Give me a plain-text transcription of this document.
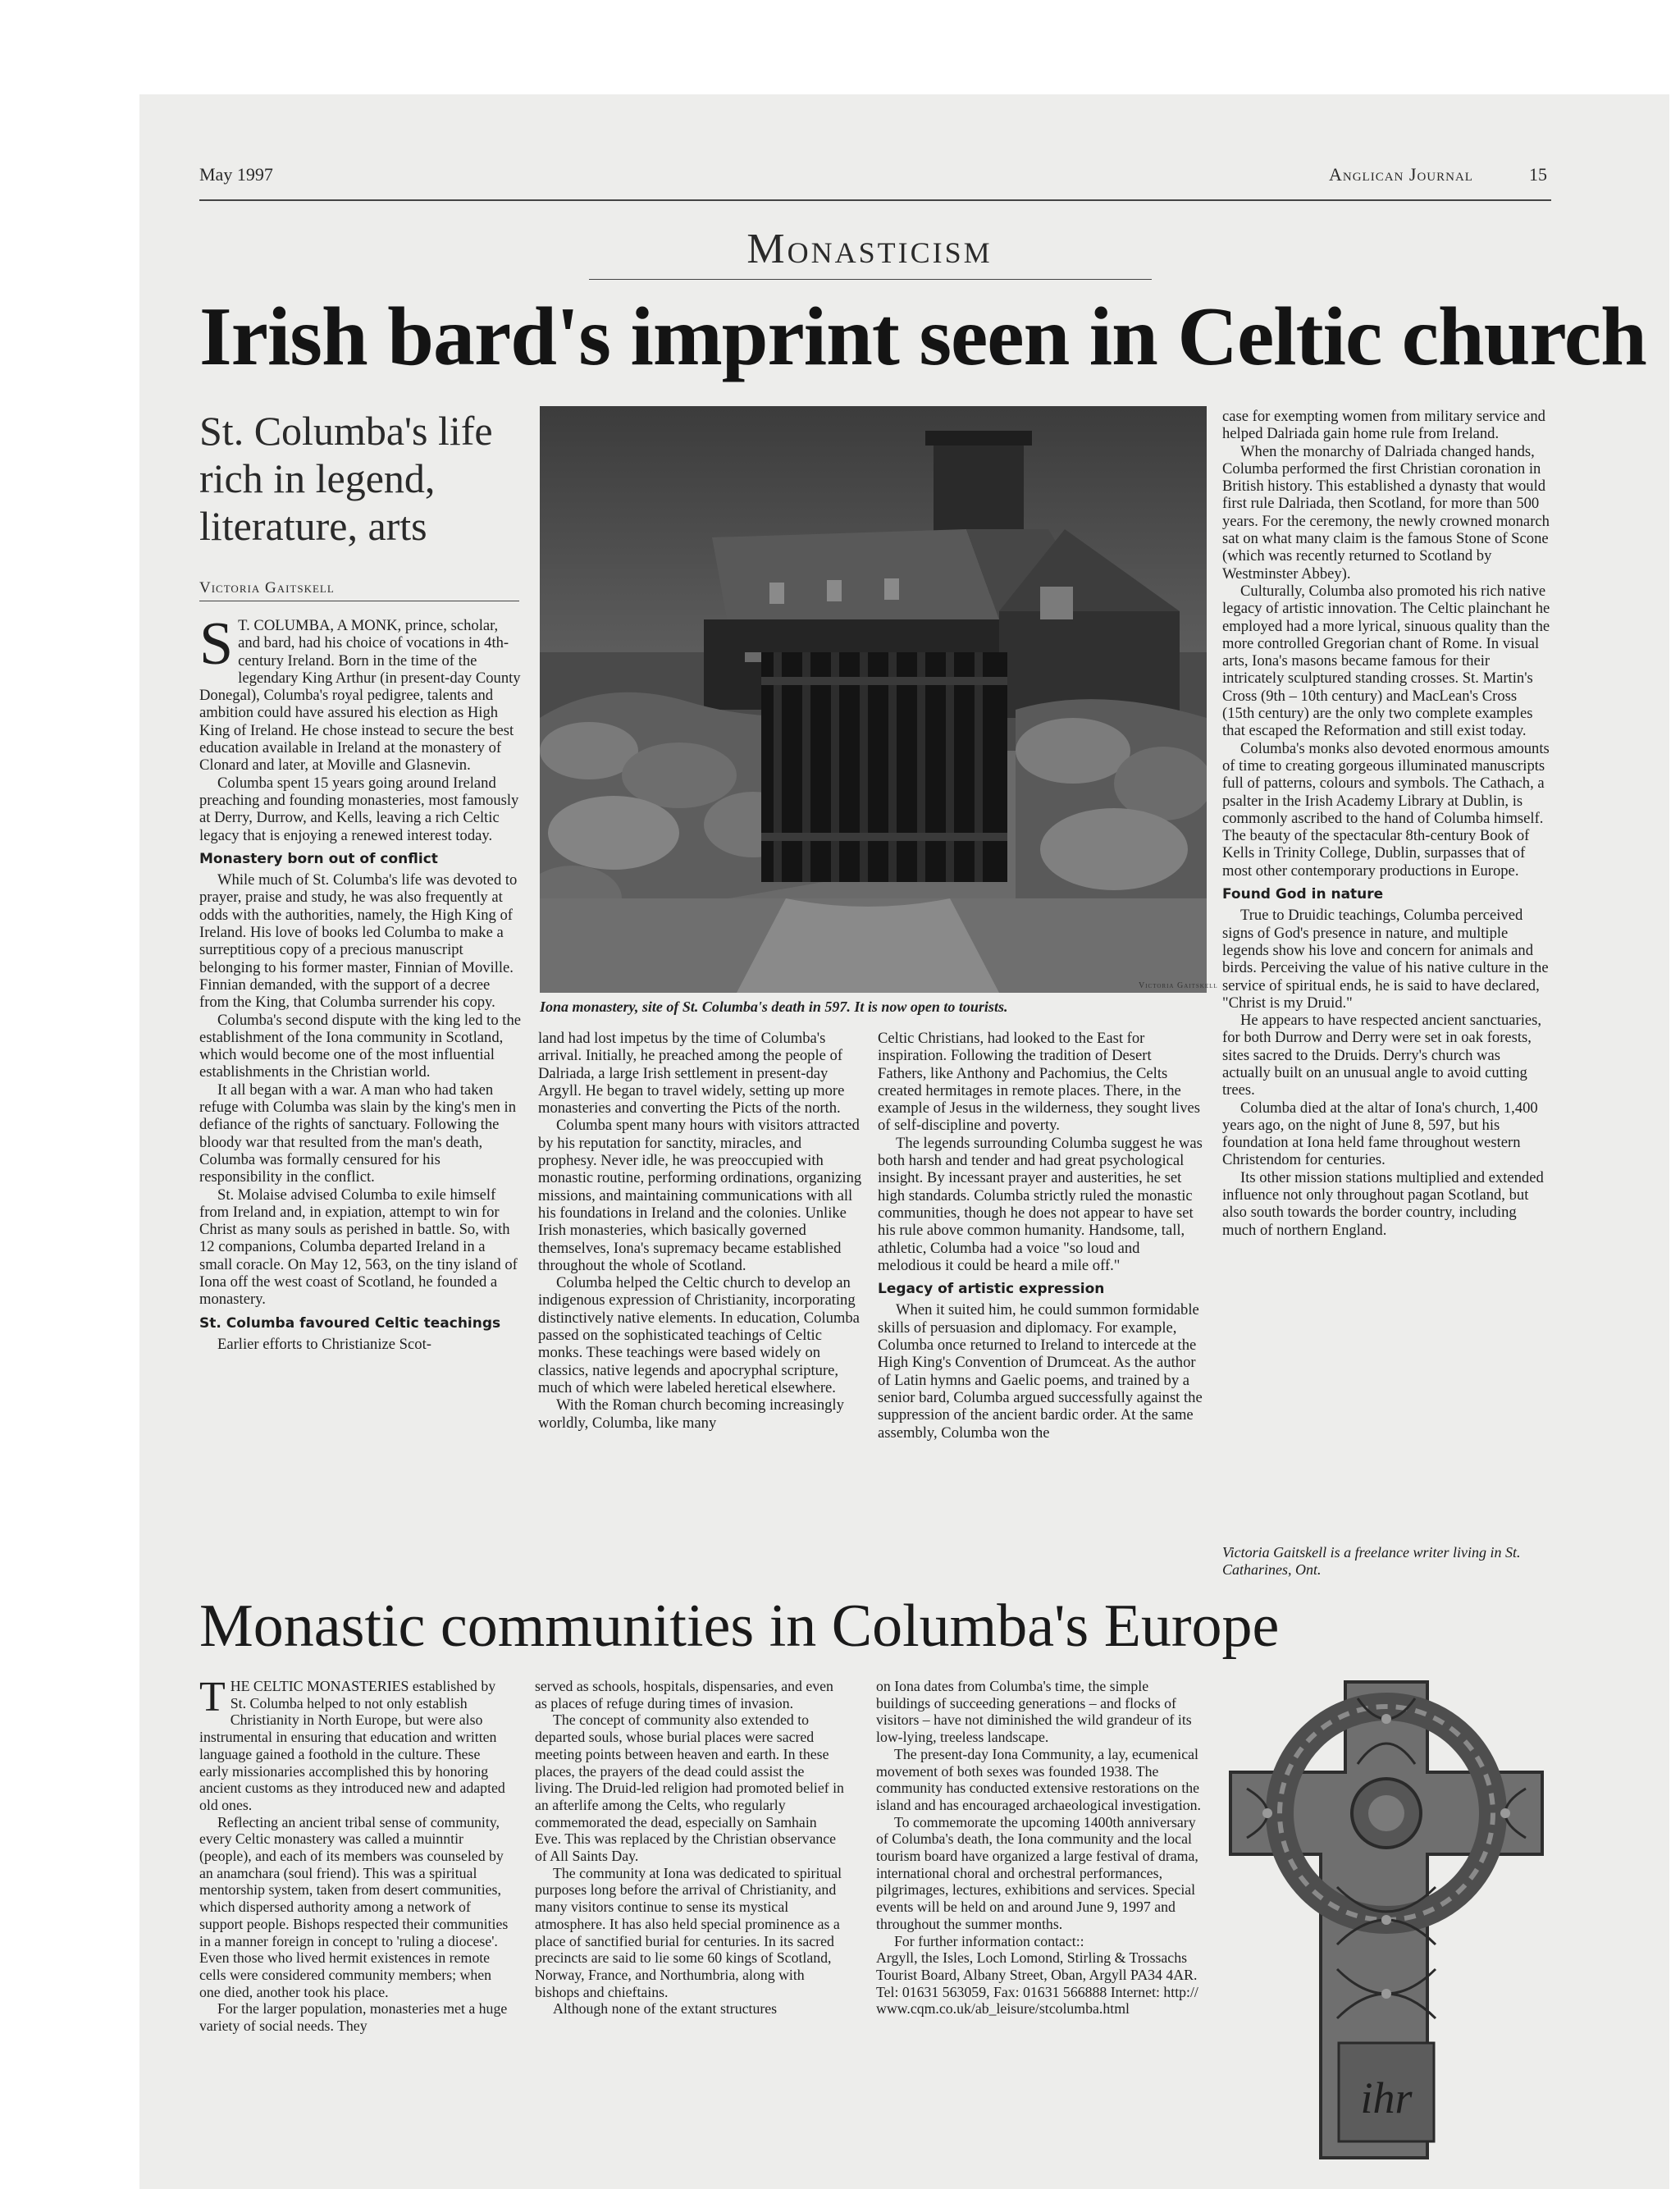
May 1997	Anglican Journal	15
Monasticism
Irish bard's imprint seen in Celtic church
St. Columba's life
rich in legend,
literature, arts
Victoria Gaitskell
Victoria Gaitskell
Iona monastery, site of St. Columba's death in 597. It is now open to tourists.

S T. COLUMBA, A MONK, prince, scholar, and bard, had his choice of vocations in 4th-century Ireland. Born in the time of the legendary King Arthur (in present-day County Donegal), Columba's royal pedigree, talents and ambition could have assured his election as High King of Ireland. He chose instead to secure the best education available in Ireland at the monastery of Clonard and later, at Moville and Glasnevin.

Columba spent 15 years going around Ireland preaching and founding monasteries, most famously at Derry, Durrow, and Kells, leaving a rich Celtic legacy that is enjoying a renewed interest today.

Monastery born out of conflict

While much of St. Columba's life was devoted to prayer, praise and study, he was also frequently at odds with the authorities, namely, the High King of Ireland. His love of books led Columba to make a surreptitious copy of a precious manuscript belonging to his former master, Finnian of Moville. Finnian demanded, with the support of a decree from the King, that Columba surrender his copy.

Columba's second dispute with the king led to the establishment of the Iona community in Scotland, which would become one of the most influential establishments in the Christian world.

It all began with a war. A man who had taken refuge with Columba was slain by the king's men in defiance of the rights of sanctuary. Following the bloody war that resulted from the man's death, Columba was formally censured for his responsibility in the conflict.

St. Molaise advised Columba to exile himself from Ireland and, in expiation, attempt to win for Christ as many souls as perished in battle. So, with 12 companions, Columba departed Ireland in a small coracle. On May 12, 563, on the tiny island of Iona off the west coast of Scotland, he founded a monastery.

St. Columba favoured Celtic teachings

Earlier efforts to Christianize Scot-

land had lost impetus by the time of Columba's arrival. Initially, he preached among the people of Dalriada, a large Irish settlement in present-day Argyll. He began to travel widely, setting up more monasteries and converting the Picts of the north.

Columba spent many hours with visitors attracted by his reputation for sanctity, miracles, and prophesy. Never idle, he was preoccupied with monastic routine, performing ordinations, organizing missions, and maintaining communications with all his foundations in Ireland and the colonies. Unlike Irish monasteries, which basically governed themselves, Iona's supremacy became established throughout the whole of Scotland.

Columba helped the Celtic church to develop an indigenous expression of Christianity, incorporating distinctively native elements. In education, Columba passed on the sophisticated teachings of Celtic monks. These teachings were based widely on classics, native legends and apocryphal scripture, much of which were labeled heretical elsewhere.

With the Roman church becoming increasingly worldly, Columba, like many

Celtic Christians, had looked to the East for inspiration. Following the tradition of Desert Fathers, like Anthony and Pachomius, the Celts created hermitages in remote places. There, in the example of Jesus in the wilderness, they sought lives of self-discipline and poverty.

The legends surrounding Columba suggest he was both harsh and tender and had great psychological insight. By incessant prayer and austerities, he set high standards. Columba strictly ruled the monastic communities, though he does not appear to have set his rule above common humanity. Handsome, tall, athletic, Columba had a voice "so loud and melodious it could be heard a mile off."

Legacy of artistic expression

When it suited him, he could summon formidable skills of persuasion and diplomacy. For example, Columba once returned to Ireland to intercede at the High King's Convention of Drumceat. As the author of Latin hymns and Gaelic poems, and trained by a senior bard, Columba argued successfully against the suppression of the ancient bardic order. At the same assembly, Columba won the

case for exempting women from military service and helped Dalriada gain home rule from Ireland.

When the monarchy of Dalriada changed hands, Columba performed the first Christian coronation in British history. This established a dynasty that would first rule Dalriada, then Scotland, for more than 500 years. For the ceremony, the newly crowned monarch sat on what many claim is the famous Stone of Scone (which was recently returned to Scotland by Westminster Abbey).

Culturally, Columba also promoted his rich native legacy of artistic innovation. The Celtic plainchant he employed had a more lyrical, sinuous quality than the more controlled Gregorian chant of Rome. In visual arts, Iona's masons became famous for their intricately sculptured standing crosses. St. Martin's Cross (9th – 10th century) and MacLean's Cross (15th century) are the only two complete examples that escaped the Reformation and still exist today.

Columba's monks also devoted enormous amounts of time to creating gorgeous illuminated manuscripts full of patterns, colours and symbols. The Cathach, a psalter in the Irish Academy Library at Dublin, is commonly ascribed to the hand of Columba himself. The beauty of the spectacular 8th-century Book of Kells in Trinity College, Dublin, surpasses that of most other contemporary productions in Europe.

Found God in nature

True to Druidic teachings, Columba perceived signs of God's presence in nature, and multiple legends show his love and concern for animals and birds. Perceiving the value of his native culture in the service of spiritual ends, he is said to have declared, "Christ is my Druid."

He appears to have respected ancient sanctuaries, for both Durrow and Derry were set in oak forests, sites sacred to the Druids. Derry's church was actually built on an unusual angle to avoid cutting trees.

Columba died at the altar of Iona's church, 1,400 years ago, on the night of June 8, 597, but his foundation at Iona held fame throughout western Christendom for centuries.

Its other mission stations multiplied and extended influence not only throughout pagan Scotland, but also south towards the border country, including much of northern England.

Victoria Gaitskell is a freelance writer living in St. Catharines, Ont.
Monastic communities in Columba's Europe

THE CELTIC MONASTERIES established by St. Columba helped to not only establish Christianity in North Europe, but were also instrumental in ensuring that education and written language gained a foothold in the culture. These early missionaries accomplished this by honoring ancient customs as they introduced new and adapted old ones.

Reflecting an ancient tribal sense of community, every Celtic monastery was called a muinntir (people), and each of its members was counseled by an anamchara (soul friend). This was a spiritual mentorship system, taken from desert communities, which dispersed authority among a network of support people. Bishops respected their communities in a manner foreign in concept to 'ruling a diocese'. Even those who lived hermit existences in remote cells were considered community members; when one died, another took his place.

For the larger population, monasteries met a huge variety of social needs. They

served as schools, hospitals, dispensaries, and even as places of refuge during times of invasion.

The concept of community also extended to departed souls, whose burial places were sacred meeting points between heaven and earth. In these places, the prayers of the dead could assist the living. The Druid-led religion had promoted belief in an afterlife among the Celts, who regularly commemorated the dead, especially on Samhain Eve. This was replaced by the Christian observance of All Saints Day.

The community at Iona was dedicated to spiritual purposes long before the arrival of Christianity, and many visitors continue to sense its mystical atmosphere. It has also held special prominence as a place of sanctified burial for centuries. In its sacred precincts are said to lie some 60 kings of Scotland, Norway, France, and Northumbria, along with bishops and chieftains.

Although none of the extant structures

on Iona dates from Columba's time, the simple buildings of succeeding generations – and flocks of visitors – have not diminished the wild grandeur of its low-lying, treeless landscape.

The present-day Iona Community, a lay, ecumenical movement of both sexes was founded 1938. The community has conducted extensive restorations on the island and has encouraged archaeological investigation.

To commemorate the upcoming 1400th anniversary of Columba's death, the Iona community and the local tourism board have organized a large festival of drama, international choral and orchestral performances, pilgrimages, lectures, exhibitions and services. Special events will be held on and around June 9, 1997 and throughout the summer months.

For further information contact::

Argyll, the Isles, Loch Lomond, Stirling & Trossachs Tourist Board, Albany Street, Oban, Argyll PA34 4AR. Tel: 01631 563059, Fax: 01631 566888 Internet: http://

www.cqm.co.uk/ab_leisure/stcolumba.html

ihr
